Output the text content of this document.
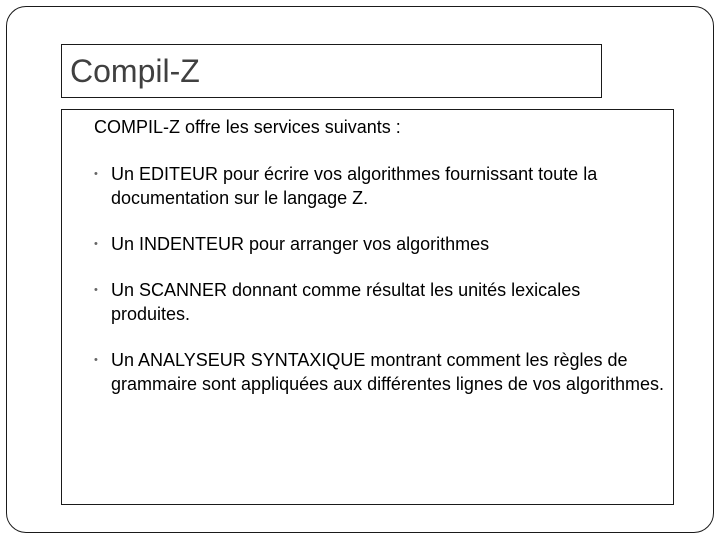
Compil-Z
COMPIL-Z offre les services suivants :
• Un EDITEUR pour écrire vos algorithmes fournissant toute la documentation sur le langage Z.
• Un INDENTEUR pour arranger vos algorithmes
• Un SCANNER donnant comme résultat les unités lexicales produites.
• Un ANALYSEUR SYNTAXIQUE montrant comment les règles de grammaire sont appliquées aux différentes lignes de vos algorithmes.
